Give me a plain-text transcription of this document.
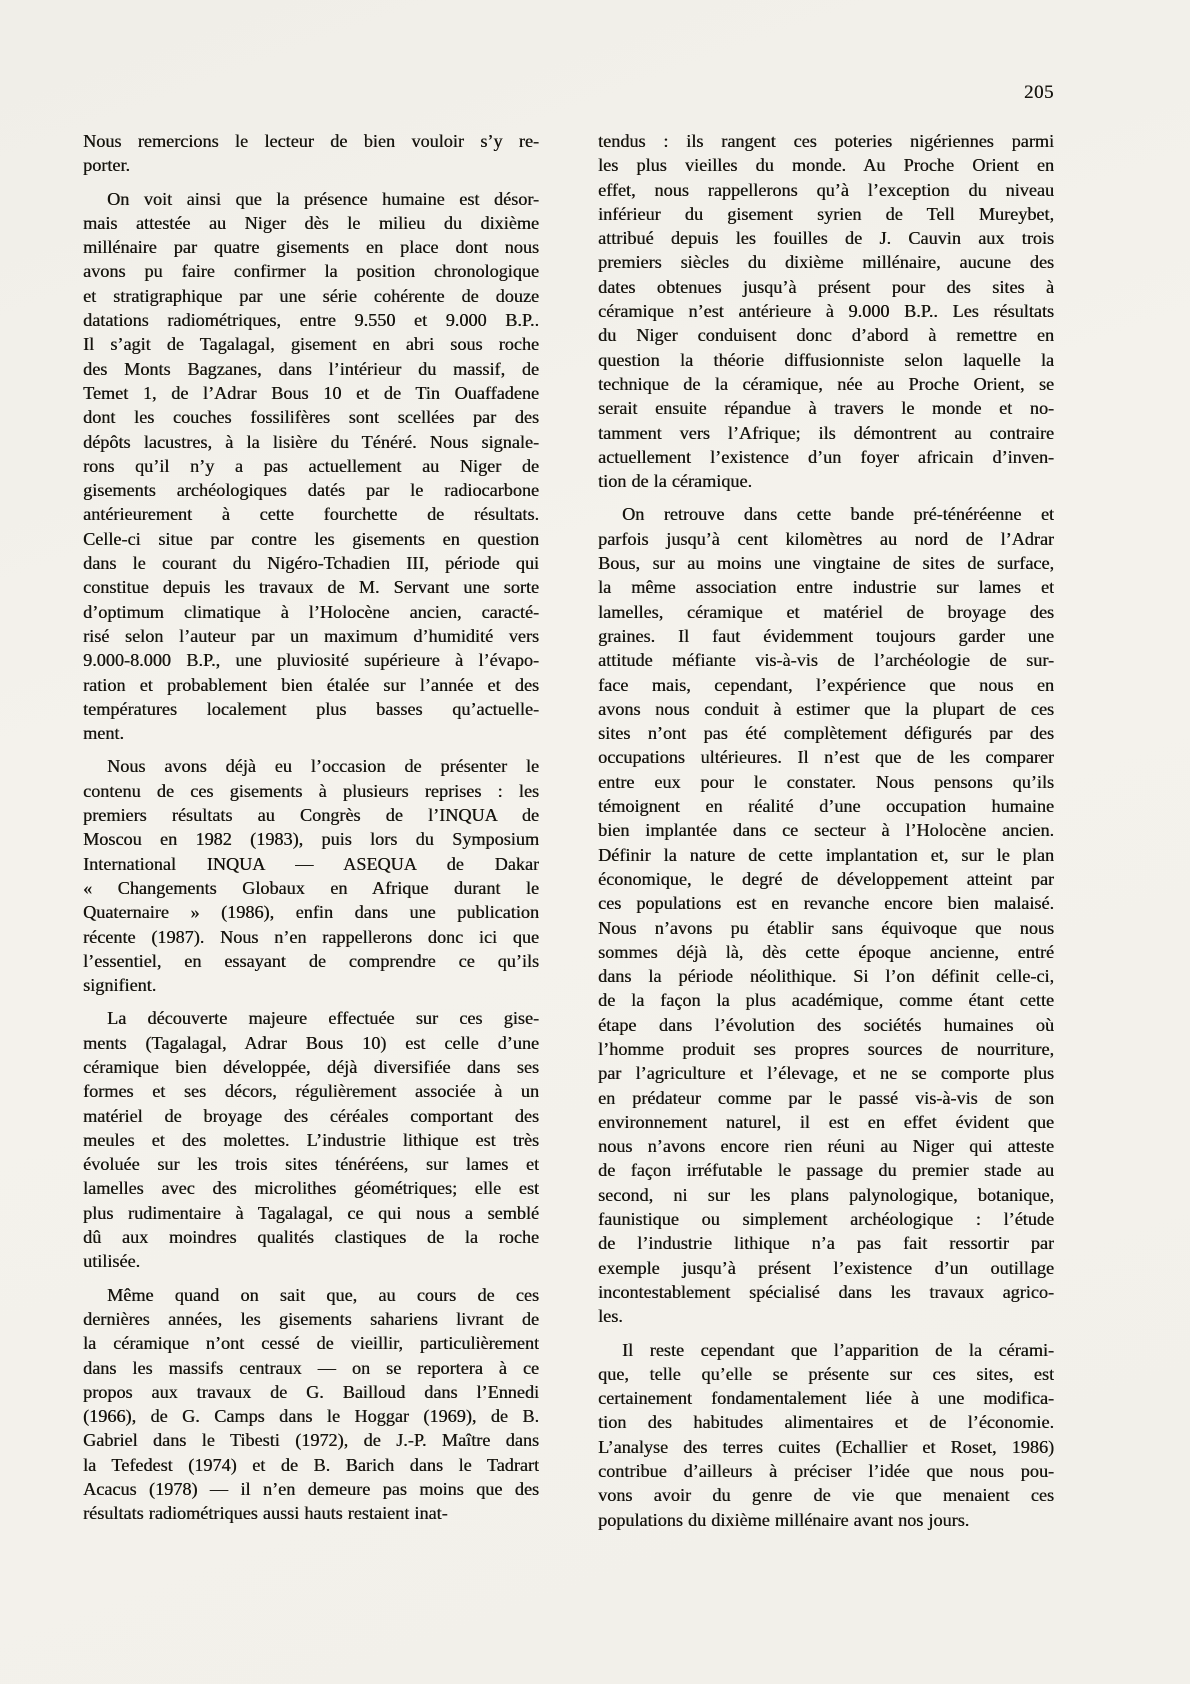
205
Nous remercions le lecteur de bien vouloir s’y re-
porter.
On voit ainsi que la présence humaine est désor-
mais attestée au Niger dès le milieu du dixième
millénaire par quatre gisements en place dont nous
avons pu faire confirmer la position chronologique
et stratigraphique par une série cohérente de douze
datations radiométriques, entre 9.550 et 9.000 B.P..
Il s’agit de Tagalagal, gisement en abri sous roche
des Monts Bagzanes, dans l’intérieur du massif, de
Temet 1, de l’Adrar Bous 10 et de Tin Ouaffadene
dont les couches fossilifères sont scellées par des
dépôts lacustres, à la lisière du Ténéré. Nous signale-
rons qu’il n’y a pas actuellement au Niger de
gisements archéologiques datés par le radiocarbone
antérieurement à cette fourchette de résultats.
Celle-ci situe par contre les gisements en question
dans le courant du Nigéro-Tchadien III, période qui
constitue depuis les travaux de M. Servant une sorte
d’optimum climatique à l’Holocène ancien, caracté-
risé selon l’auteur par un maximum d’humidité vers
9.000-8.000 B.P., une pluviosité supérieure à l’évapo-
ration et probablement bien étalée sur l’année et des
températures localement plus basses qu’actuelle-
ment.
Nous avons déjà eu l’occasion de présenter le
contenu de ces gisements à plusieurs reprises : les
premiers résultats au Congrès de l’INQUA de
Moscou en 1982 (1983), puis lors du Symposium
International INQUA — ASEQUA de Dakar
« Changements Globaux en Afrique durant le
Quaternaire » (1986), enfin dans une publication
récente (1987). Nous n’en rappellerons donc ici que
l’essentiel, en essayant de comprendre ce qu’ils
signifient.
La découverte majeure effectuée sur ces gise-
ments (Tagalagal, Adrar Bous 10) est celle d’une
céramique bien développée, déjà diversifiée dans ses
formes et ses décors, régulièrement associée à un
matériel de broyage des céréales comportant des
meules et des molettes. L’industrie lithique est très
évoluée sur les trois sites ténéréens, sur lames et
lamelles avec des microlithes géométriques; elle est
plus rudimentaire à Tagalagal, ce qui nous a semblé
dû aux moindres qualités clastiques de la roche
utilisée.
Même quand on sait que, au cours de ces
dernières années, les gisements sahariens livrant de
la céramique n’ont cessé de vieillir, particulièrement
dans les massifs centraux — on se reportera à ce
propos aux travaux de G. Bailloud dans l’Ennedi
(1966), de G. Camps dans le Hoggar (1969), de B.
Gabriel dans le Tibesti (1972), de J.-P. Maître dans
la Tefedest (1974) et de B. Barich dans le Tadrart
Acacus (1978) — il n’en demeure pas moins que des
résultats radiométriques aussi hauts restaient inat-
tendus : ils rangent ces poteries nigériennes parmi
les plus vieilles du monde. Au Proche Orient en
effet, nous rappellerons qu’à l’exception du niveau
inférieur du gisement syrien de Tell Mureybet,
attribué depuis les fouilles de J. Cauvin aux trois
premiers siècles du dixième millénaire, aucune des
dates obtenues jusqu’à présent pour des sites à
céramique n’est antérieure à 9.000 B.P.. Les résultats
du Niger conduisent donc d’abord à remettre en
question la théorie diffusionniste selon laquelle la
technique de la céramique, née au Proche Orient, se
serait ensuite répandue à travers le monde et no-
tamment vers l’Afrique; ils démontrent au contraire
actuellement l’existence d’un foyer africain d’inven-
tion de la céramique.
On retrouve dans cette bande pré-ténéréenne et
parfois jusqu’à cent kilomètres au nord de l’Adrar
Bous, sur au moins une vingtaine de sites de surface,
la même association entre industrie sur lames et
lamelles, céramique et matériel de broyage des
graines. Il faut évidemment toujours garder une
attitude méfiante vis-à-vis de l’archéologie de sur-
face mais, cependant, l’expérience que nous en
avons nous conduit à estimer que la plupart de ces
sites n’ont pas été complètement défigurés par des
occupations ultérieures. Il n’est que de les comparer
entre eux pour le constater. Nous pensons qu’ils
témoignent en réalité d’une occupation humaine
bien implantée dans ce secteur à l’Holocène ancien.
Définir la nature de cette implantation et, sur le plan
économique, le degré de développement atteint par
ces populations est en revanche encore bien malaisé.
Nous n’avons pu établir sans équivoque que nous
sommes déjà là, dès cette époque ancienne, entré
dans la période néolithique. Si l’on définit celle-ci,
de la façon la plus académique, comme étant cette
étape dans l’évolution des sociétés humaines où
l’homme produit ses propres sources de nourriture,
par l’agriculture et l’élevage, et ne se comporte plus
en prédateur comme par le passé vis-à-vis de son
environnement naturel, il est en effet évident que
nous n’avons encore rien réuni au Niger qui atteste
de façon irréfutable le passage du premier stade au
second, ni sur les plans palynologique, botanique,
faunistique ou simplement archéologique : l’étude
de l’industrie lithique n’a pas fait ressortir par
exemple jusqu’à présent l’existence d’un outillage
incontestablement spécialisé dans les travaux agrico-
les.
Il reste cependant que l’apparition de la cérami-
que, telle qu’elle se présente sur ces sites, est
certainement fondamentalement liée à une modifica-
tion des habitudes alimentaires et de l’économie.
L’analyse des terres cuites (Echallier et Roset, 1986)
contribue d’ailleurs à préciser l’idée que nous pou-
vons avoir du genre de vie que menaient ces
populations du dixième millénaire avant nos jours.
